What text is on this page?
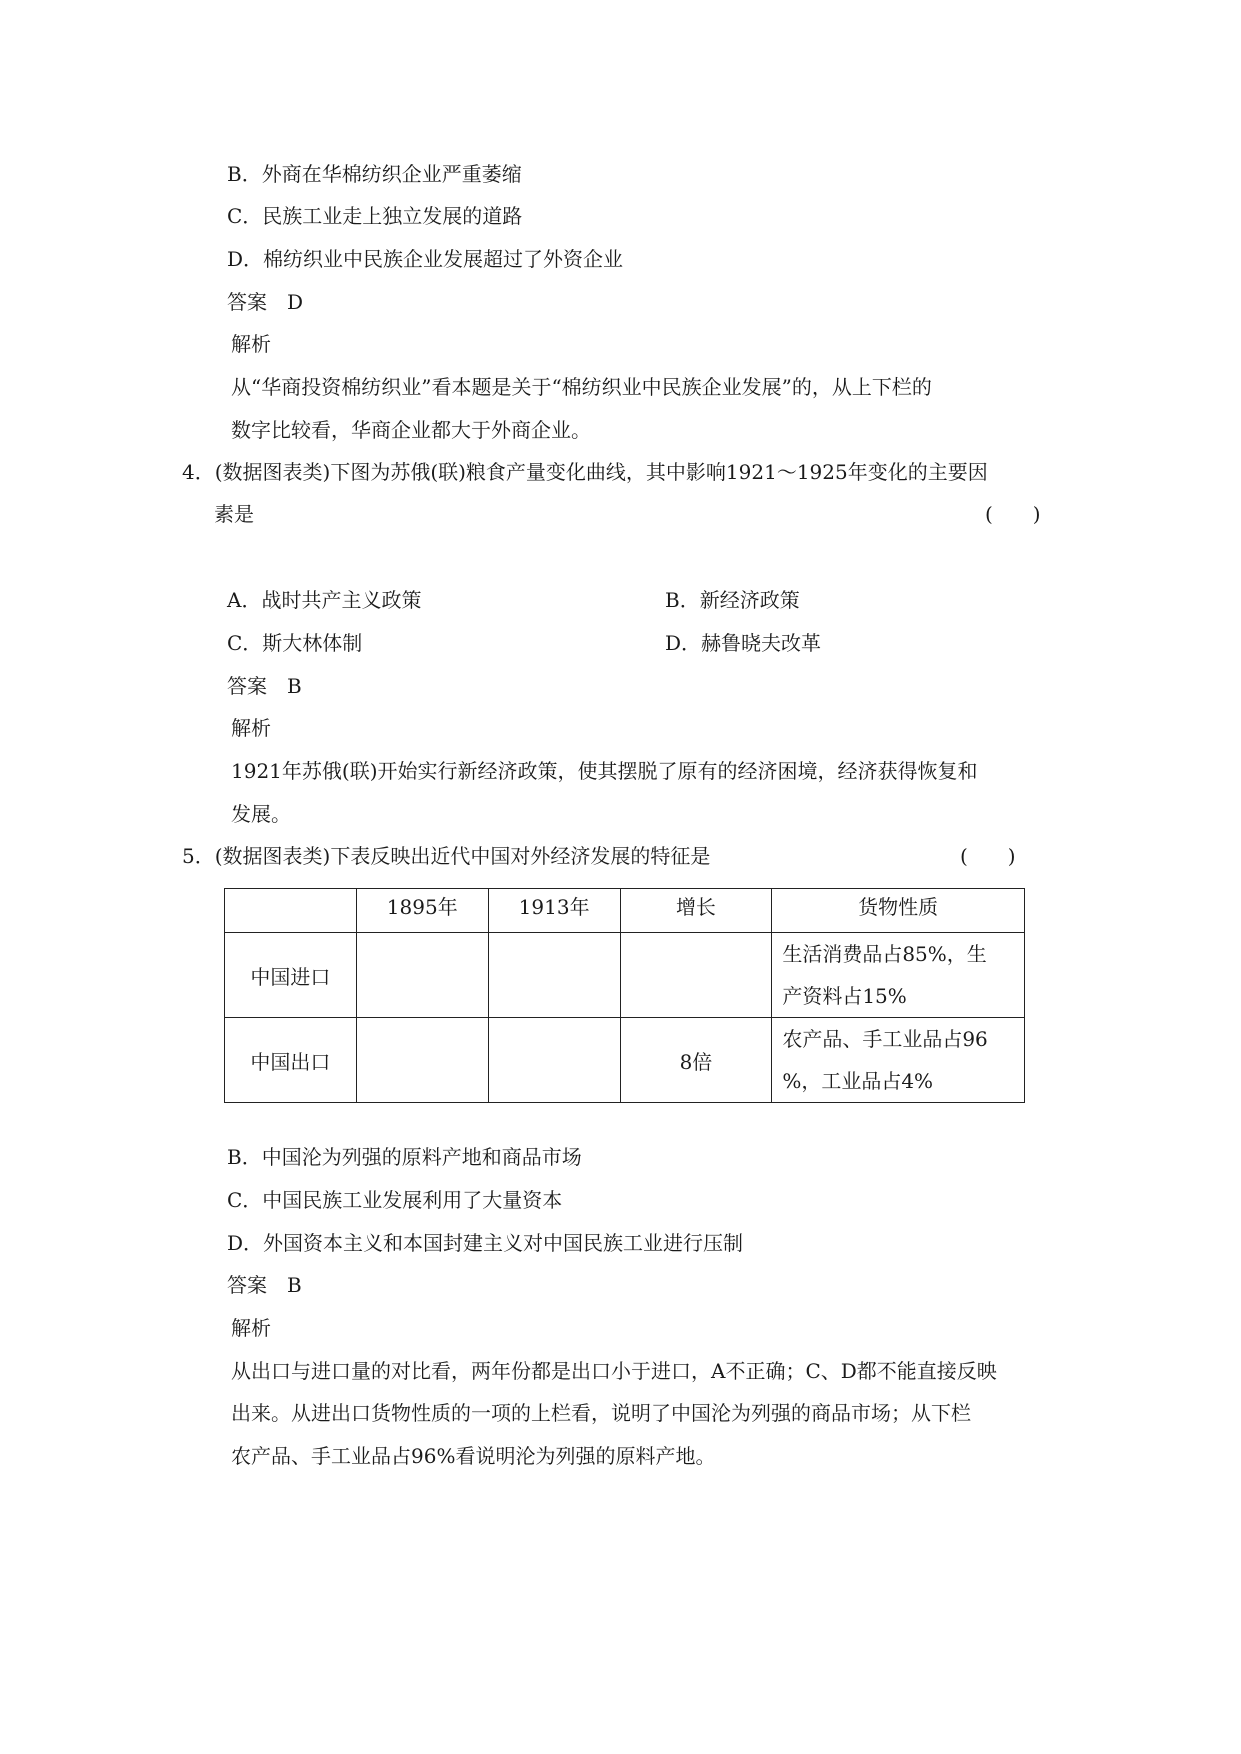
B．外商在华棉纺织企业严重萎缩
C．民族工业走上独立发展的道路
D．棉纺织业中民族企业发展超过了外资企业
答案　D
解析
从“华商投资棉纺织业”看本题是关于“棉纺织业中民族企业发展”的，从上下栏的
数字比较看，华商企业都大于外商企业。
4．(数据图表类)下图为苏俄(联)粮食产量变化曲线，其中影响1921～1925年变化的主要因
素是	(　　)
A．战时共产主义政策	B．新经济政策
C．斯大林体制	D．赫鲁晓夫改革
答案　B
解析
1921年苏俄(联)开始实行新经济政策，使其摆脱了原有的经济困境，经济获得恢复和
发展。
5．(数据图表类)下表反映出近代中国对外经济发展的特征是	(　　)
	1895年	1913年	增长	货物性质
中国进口				生活消费品占85%，生
产资料占15%

中国出口			8倍	农产品、手工业品占96
%，工业品占4%
B．中国沦为列强的原料产地和商品市场
C．中国民族工业发展利用了大量资本
D．外国资本主义和本国封建主义对中国民族工业进行压制
答案　B
解析
从出口与进口量的对比看，两年份都是出口小于进口，A不正确；C、D都不能直接反映
出来。从进出口货物性质的一项的上栏看，说明了中国沦为列强的商品市场；从下栏
农产品、手工业品占96%看说明沦为列强的原料产地。
